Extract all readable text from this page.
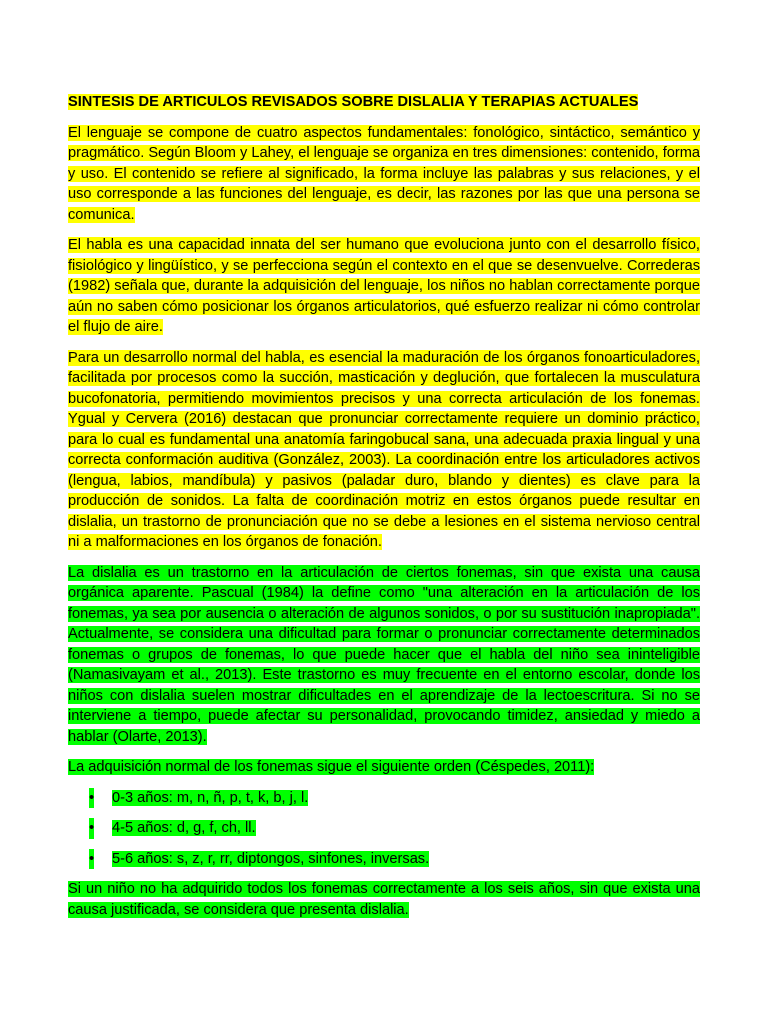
SINTESIS DE ARTICULOS REVISADOS SOBRE DISLALIA Y TERAPIAS ACTUALES

El lenguaje se compone de cuatro aspectos fundamentales: fonológico, sintáctico, semántico y pragmático. Según Bloom y Lahey, el lenguaje se organiza en tres dimensiones: contenido, forma y uso. El contenido se refiere al significado, la forma incluye las palabras y sus relaciones, y el uso corresponde a las funciones del lenguaje, es decir, las razones por las que una persona se comunica.

El habla es una capacidad innata del ser humano que evoluciona junto con el desarrollo físico, fisiológico y lingüístico, y se perfecciona según el contexto en el que se desenvuelve. Correderas (1982) señala que, durante la adquisición del lenguaje, los niños no hablan correctamente porque aún no saben cómo posicionar los órganos articulatorios, qué esfuerzo realizar ni cómo controlar el flujo de aire.

Para un desarrollo normal del habla, es esencial la maduración de los órganos fonoarticuladores, facilitada por procesos como la succión, masticación y deglución, que fortalecen la musculatura bucofonatoria, permitiendo movimientos precisos y una correcta articulación de los fonemas. Ygual y Cervera (2016) destacan que pronunciar correctamente requiere un dominio práctico, para lo cual es fundamental una anatomía faringobucal sana, una adecuada praxia lingual y una correcta conformación auditiva (González, 2003). La coordinación entre los articuladores activos (lengua, labios, mandíbula) y pasivos (paladar duro, blando y dientes) es clave para la producción de sonidos. La falta de coordinación motriz en estos órganos puede resultar en dislalia, un trastorno de pronunciación que no se debe a lesiones en el sistema nervioso central ni a malformaciones en los órganos de fonación.

La dislalia es un trastorno en la articulación de ciertos fonemas, sin que exista una causa orgánica aparente. Pascual (1984) la define como "una alteración en la articulación de los fonemas, ya sea por ausencia o alteración de algunos sonidos, o por su sustitución inapropiada". Actualmente, se considera una dificultad para formar o pronunciar correctamente determinados fonemas o grupos de fonemas, lo que puede hacer que el habla del niño sea ininteligible (Namasivayam et al., 2013). Este trastorno es muy frecuente en el entorno escolar, donde los niños con dislalia suelen mostrar dificultades en el aprendizaje de la lectoescritura. Si no se interviene a tiempo, puede afectar su personalidad, provocando timidez, ansiedad y miedo a hablar (Olarte, 2013).

La adquisición normal de los fonemas sigue el siguiente orden (Céspedes, 2011):

• 0-3 años: m, n, ñ, p, t, k, b, j, l.
• 4-5 años: d, g, f, ch, ll.
• 5-6 años: s, z, r, rr, diptongos, sinfones, inversas.

Si un niño no ha adquirido todos los fonemas correctamente a los seis años, sin que exista una causa justificada, se considera que presenta dislalia.
